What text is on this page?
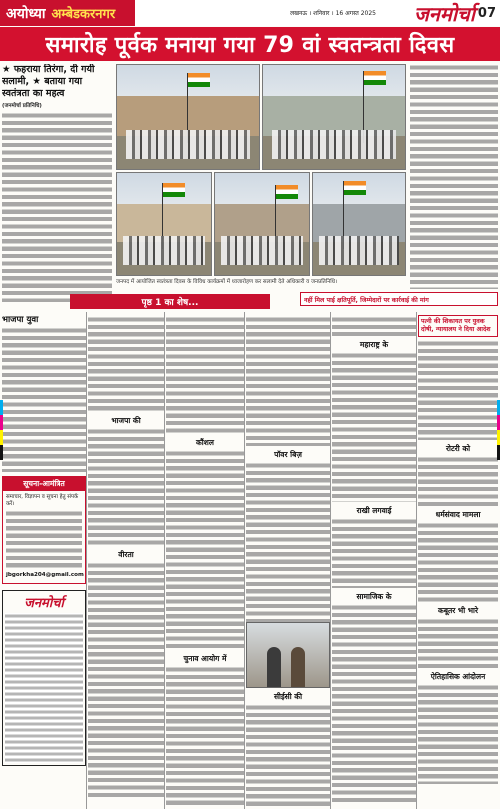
अयोध्या अम्बेडकरनगर	लखनऊ । शनिवार । 16 अगस्त 2025	जनमोर्चा 07
समारोह पूर्वक मनाया गया 79 वां स्वतन्त्रता दिवस
★ फहराया तिरंगा, दी गयी सलामी, ★ बताया गया स्वतंत्रता का महत्व
(जनमोर्चा प्रतिनिधि)
जनपद में आयोजित स्वतंत्रता दिवस के विविध कार्यक्रमों में ध्वजारोहण कर सलामी देते अधिकारी व जनप्रतिनिधि।
पृष्ठ 1 का शेष...	नहीं मिल पाई क्षतिपूर्ति, जिम्मेदारों पर कार्रवाई की मांग
भाजपा युवा
सूचना-आमंत्रित
समाचार, विज्ञापन व सूचना हेतु संपर्क करें।
jbgorkha204@gmail.com
जनमोर्चा
भाजपा की
वीरता
कौंशल
चुनाव आयोग में
पॉवर बिज़
सीईसी की
महाराष्ट्र के
राखी लगवाई
सामाजिक के
पत्नी की शिकायत पर युवक दोषी, न्यायालय ने दिया आदेश
रोटरी को
धर्मसंवाद मामला
कबूतर भी भारे
ऐतिहासिक आंदोलन
